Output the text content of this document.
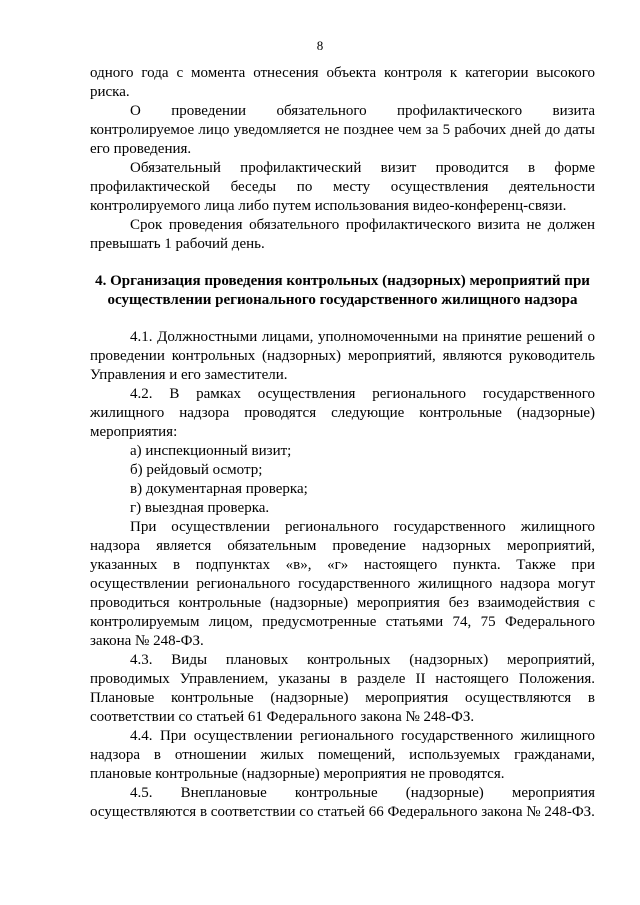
8

одного года с момента отнесения объекта контроля к категории высокого риска.

О проведении обязательного профилактического визита контролируемое лицо уведомляется не позднее чем за 5 рабочих дней до даты его проведения.

Обязательный профилактический визит проводится в форме профилактической беседы по месту осуществления деятельности контролируемого лица либо путем использования видео-конференц-связи.

Срок проведения обязательного профилактического визита не должен превышать 1 рабочий день.

4. Организация проведения контрольных (надзорных) мероприятий при осуществлении регионального государственного жилищного надзора

4.1. Должностными лицами, уполномоченными на принятие решений о проведении контрольных (надзорных) мероприятий, являются руководитель Управления и его заместители.

4.2. В рамках осуществления регионального государственного жилищного надзора проводятся следующие контрольные (надзорные) мероприятия:

а) инспекционный визит;

б) рейдовый осмотр;

в) документарная проверка;

г) выездная проверка.

При осуществлении регионального государственного жилищного надзора является обязательным проведение надзорных мероприятий, указанных в подпунктах «в», «г» настоящего пункта. Также при осуществлении регионального государственного жилищного надзора могут проводиться контрольные (надзорные) мероприятия без взаимодействия с контролируемым лицом, предусмотренные статьями 74, 75 Федерального закона № 248-ФЗ.

4.3. Виды плановых контрольных (надзорных) мероприятий, проводимых Управлением, указаны в разделе II настоящего Положения. Плановые контрольные (надзорные) мероприятия осуществляются в соответствии со статьей 61 Федерального закона № 248-ФЗ.

4.4. При осуществлении регионального государственного жилищного надзора в отношении жилых помещений, используемых гражданами, плановые контрольные (надзорные) мероприятия не проводятся.

4.5. Внеплановые контрольные (надзорные) мероприятия осуществляются в соответствии со статьей 66 Федерального закона № 248-ФЗ.
